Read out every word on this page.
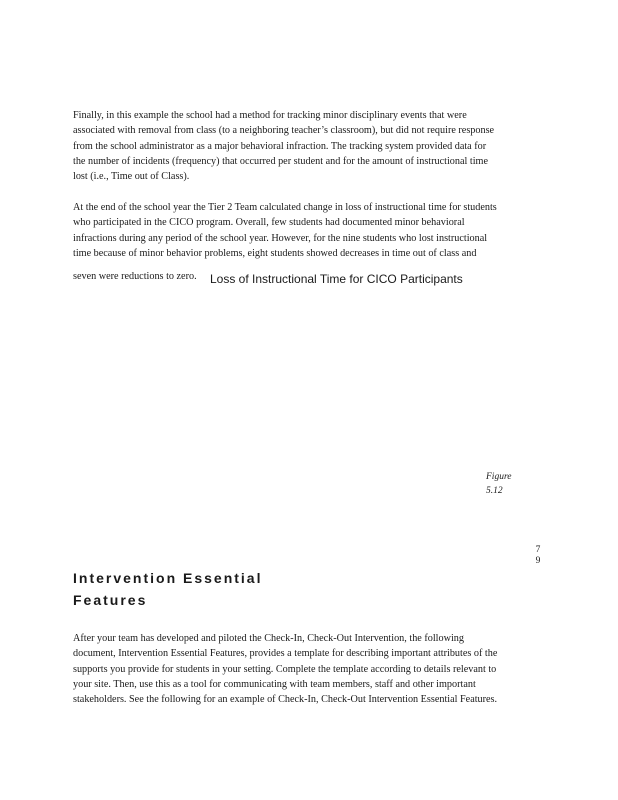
Finally, in this example the school had a method for tracking minor disciplinary events that were
associated with removal from class (to a neighboring teacher’s classroom), but did not require response
from the school administrator as a major behavioral infraction. The tracking system provided data for
the number of incidents (frequency) that occurred per student and for the amount of instructional time
lost (i.e., Time out of Class).

At the end of the school year the Tier 2 Team calculated change in loss of instructional time for students
who participated in the CICO program. Overall, few students had documented minor behavioral
infractions during any period of the school year. However, for the nine students who lost instructional
time because of minor behavior problems, eight students showed decreases in time out of class and

seven were reductions to zero.	Loss of Instructional Time for CICO Participants
Figure
5.12
7
9
Intervention Essential
Features

After your team has developed and piloted the Check-In, Check-Out Intervention, the following
document, Intervention Essential Features, provides a template for describing important attributes of the
supports you provide for students in your setting. Complete the template according to details relevant to
your site. Then, use this as a tool for communicating with team members, staff and other important
stakeholders. See the following for an example of Check-In, Check-Out Intervention Essential Features.
